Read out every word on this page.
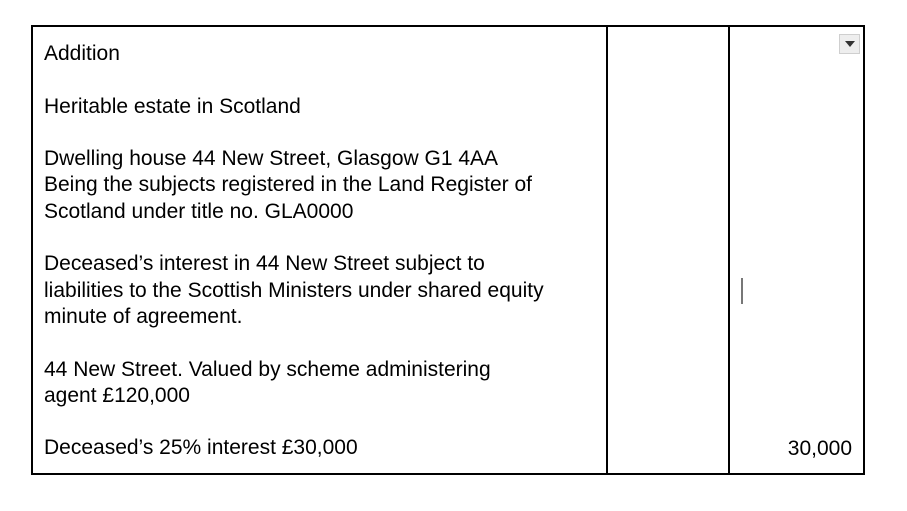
Addition

Heritable estate in Scotland

Dwelling house 44 New Street, Glasgow G1 4AA
Being the subjects registered in the Land Register of
Scotland under title no. GLA0000

Deceased’s interest in 44 New Street subject to
liabilities to the Scottish Ministers under shared equity
minute of agreement.

44 New Street. Valued by scheme administering
agent £120,000

Deceased’s 25% interest £30,000	30,000
